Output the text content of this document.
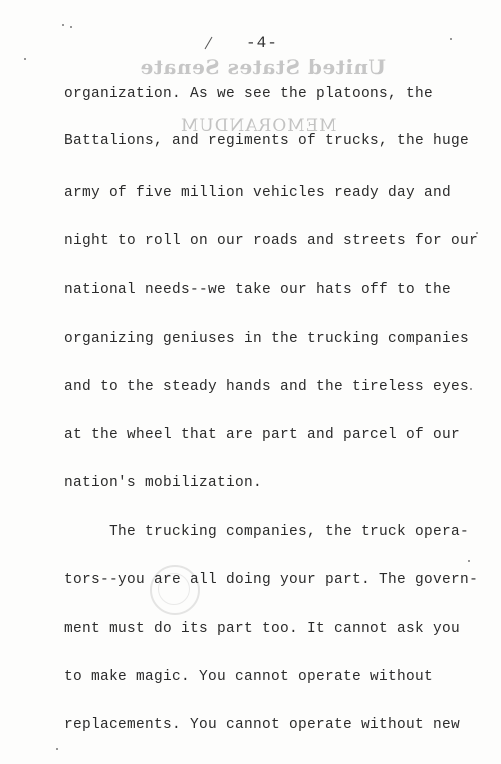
-4-
United States Senate
MEMORANDUM
organization. As we see the platoons, the
Battalions, and regiments of trucks, the huge
army of five million vehicles ready day and
night to roll on our roads and streets for our
national needs--we take our hats off to the
organizing geniuses in the trucking companies
and to the steady hands and the tireless eyes
at the wheel that are part and parcel of our
nation's mobilization.
The trucking companies, the truck opera-
tors--you are all doing your part. The govern-
ment must do its part too. It cannot ask you
to make magic. You cannot operate without
replacements. You cannot operate without new
